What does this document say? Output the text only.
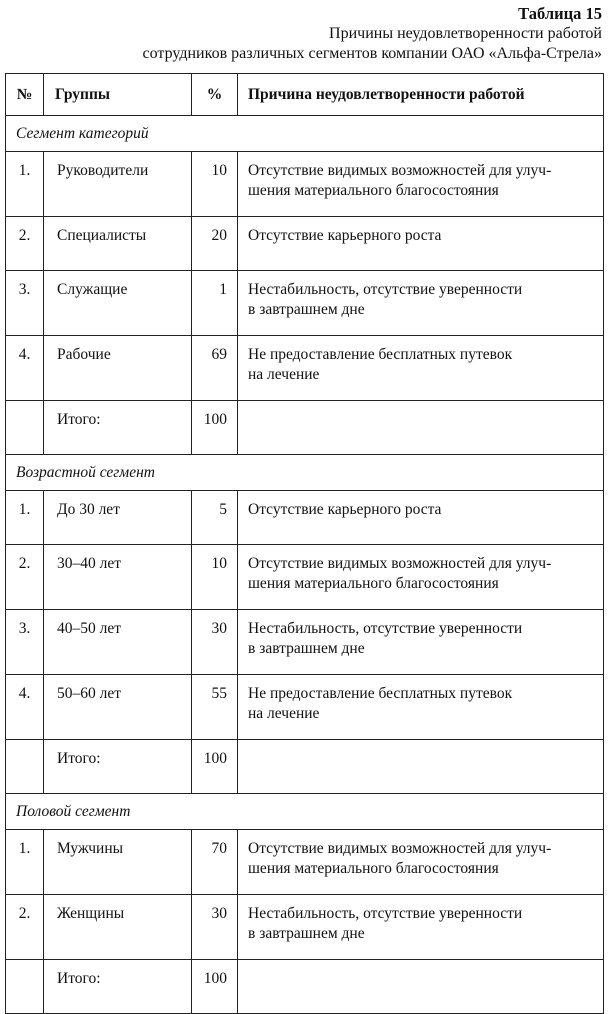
Таблица 15
Причины неудовлетворенности работой
сотрудников различных сегментов компании ОАО «Альфа-Стрела»
№	Группы	%	Причина неудовлетворенности работой
Сегмент категорий			
1.	Руководители	10	Отсутствие видимых возможностей для улуч-
шения материального благосостояния

2.	Специалисты	20	Отсутствие карьерного роста

3.	Служащие	1	Нестабильность, отсутствие уверенности
в завтрашнем дне

4.	Рабочие	69	Не предоставление бесплатных путевок
на лечение

	Итого:	100	
Возрастной сегмент			
1.	До 30 лет	5	Отсутствие карьерного роста

2.	30–40 лет	10	Отсутствие видимых возможностей для улуч-
шения материального благосостояния

3.	40–50 лет	30	Нестабильность, отсутствие уверенности
в завтрашнем дне

4.	50–60 лет	55	Не предоставление бесплатных путевок
на лечение

	Итого:	100	
Половой сегмент			
1.	Мужчины	70	Отсутствие видимых возможностей для улуч-
шения материального благосостояния

2.	Женщины	30	Нестабильность, отсутствие уверенности
в завтрашнем дне

	Итого:	100	
